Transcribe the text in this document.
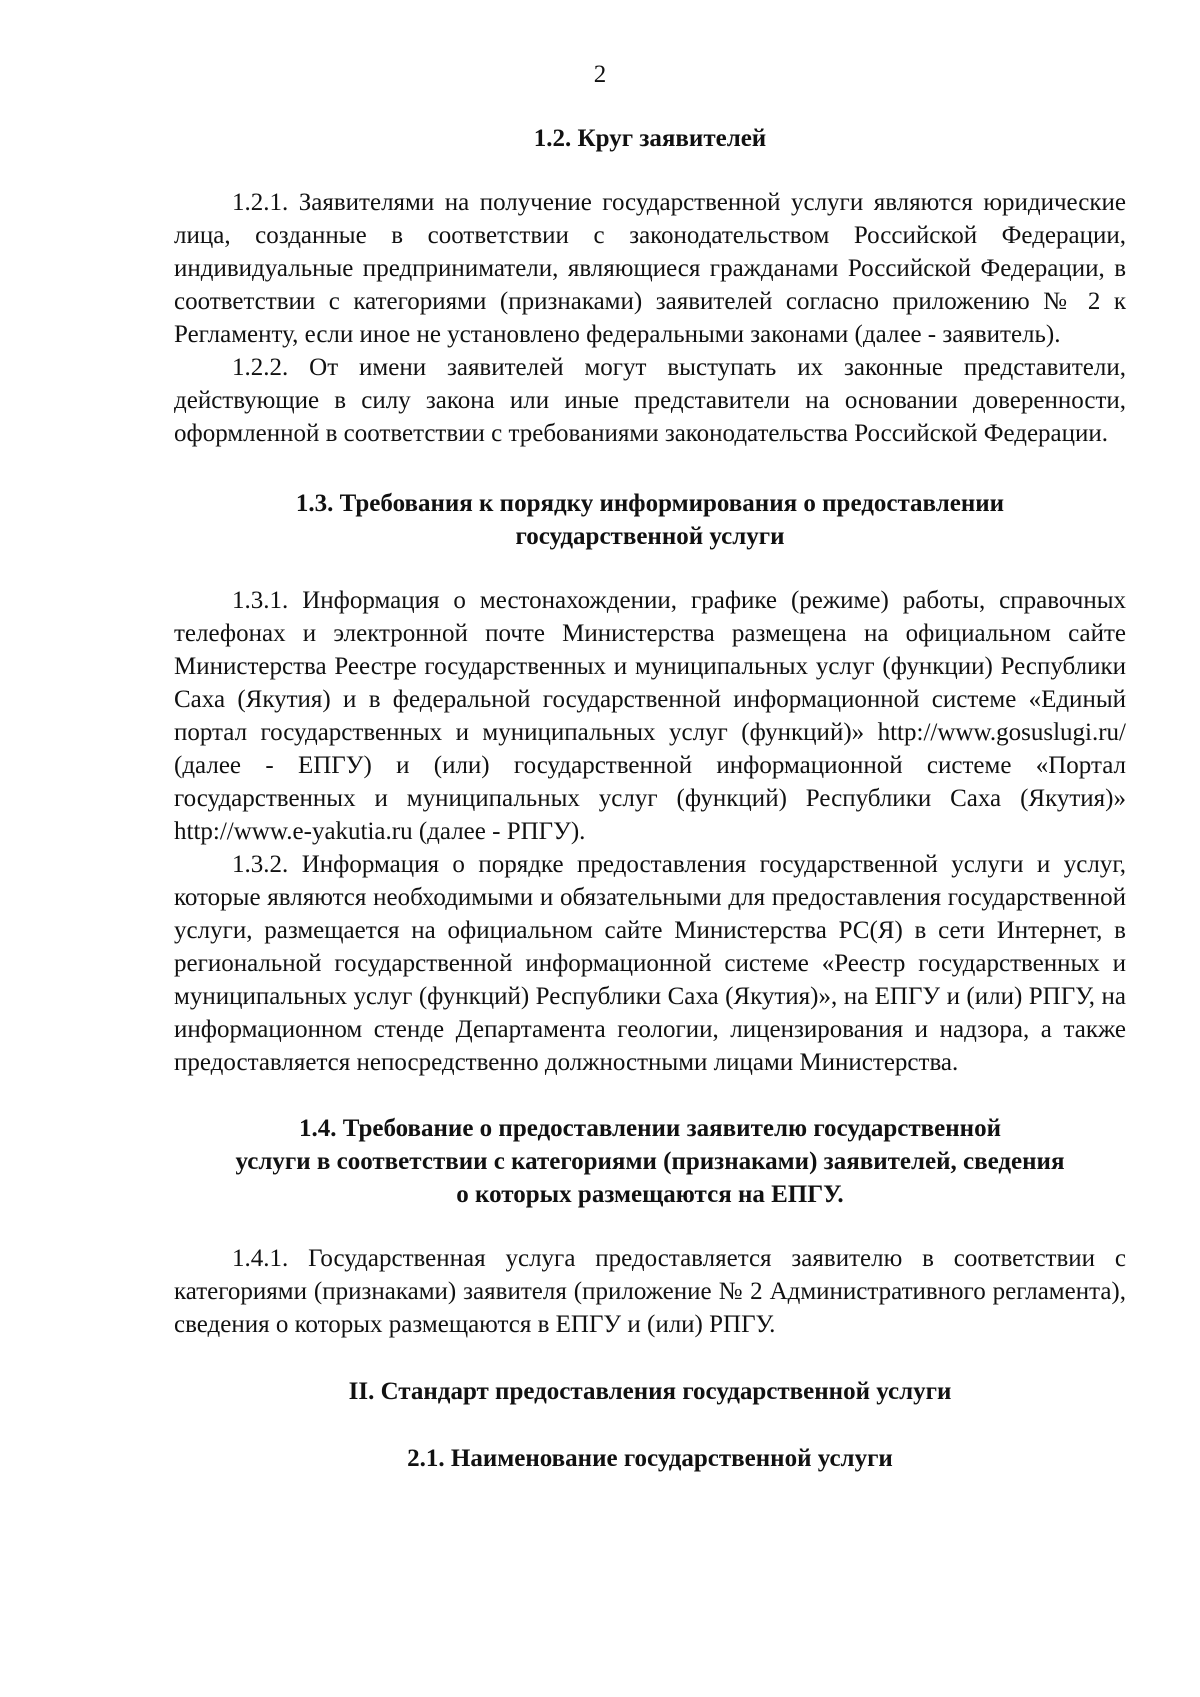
2
1.2. Круг заявителей

1.2.1. Заявителями на получение государственной услуги являются юридические лица, созданные в соответствии с законодательством Российской Федерации, индивидуальные предприниматели, являющиеся гражданами Российской Федерации, в соответствии с категориями (признаками) заявителей согласно приложению № 2 к Регламенту, если иное не установлено федеральными законами (далее - заявитель).

1.2.2. От имени заявителей могут выступать их законные представители, действующие в силу закона или иные представители на основании доверенности, оформленной в соответствии с требованиями законодательства Российской Федерации.

1.3. Требования к порядку информирования о предоставлении
государственной услуги

1.3.1. Информация о местонахождении, графике (режиме) работы, справочных телефонах и электронной почте Министерства размещена на официальном сайте Министерства Реестре государственных и муниципальных услуг (функции) Республики Саха (Якутия) и в федеральной государственной информационной системе «Единый портал государственных и муниципальных услуг (функций)» http://www.gosuslugi.ru/ (далее - ЕПГУ) и (или) государственной информационной системе «Портал государственных и муниципальных услуг (функций) Республики Саха (Якутия)» http://www.e-yakutia.ru (далее - РПГУ).

1.3.2. Информация о порядке предоставления государственной услуги и услуг, которые являются необходимыми и обязательными для предоставления государственной услуги, размещается на официальном сайте Министерства РС(Я) в сети Интернет, в региональной государственной информационной системе «Реестр государственных и муниципальных услуг (функций) Республики Саха (Якутия)», на ЕПГУ и (или) РПГУ, на информационном стенде Департамента геологии, лицензирования и надзора, а также предоставляется непосредственно должностными лицами Министерства.

1.4. Требование о предоставлении заявителю государственной
услуги в соответствии с категориями (признаками) заявителей, сведения
о которых размещаются на ЕПГУ.

1.4.1. Государственная услуга предоставляется заявителю в соответствии с категориями (признаками) заявителя (приложение № 2 Административного регламента), сведения о которых размещаются в ЕПГУ и (или) РПГУ.

II. Стандарт предоставления государственной услуги
2.1. Наименование государственной услуги
